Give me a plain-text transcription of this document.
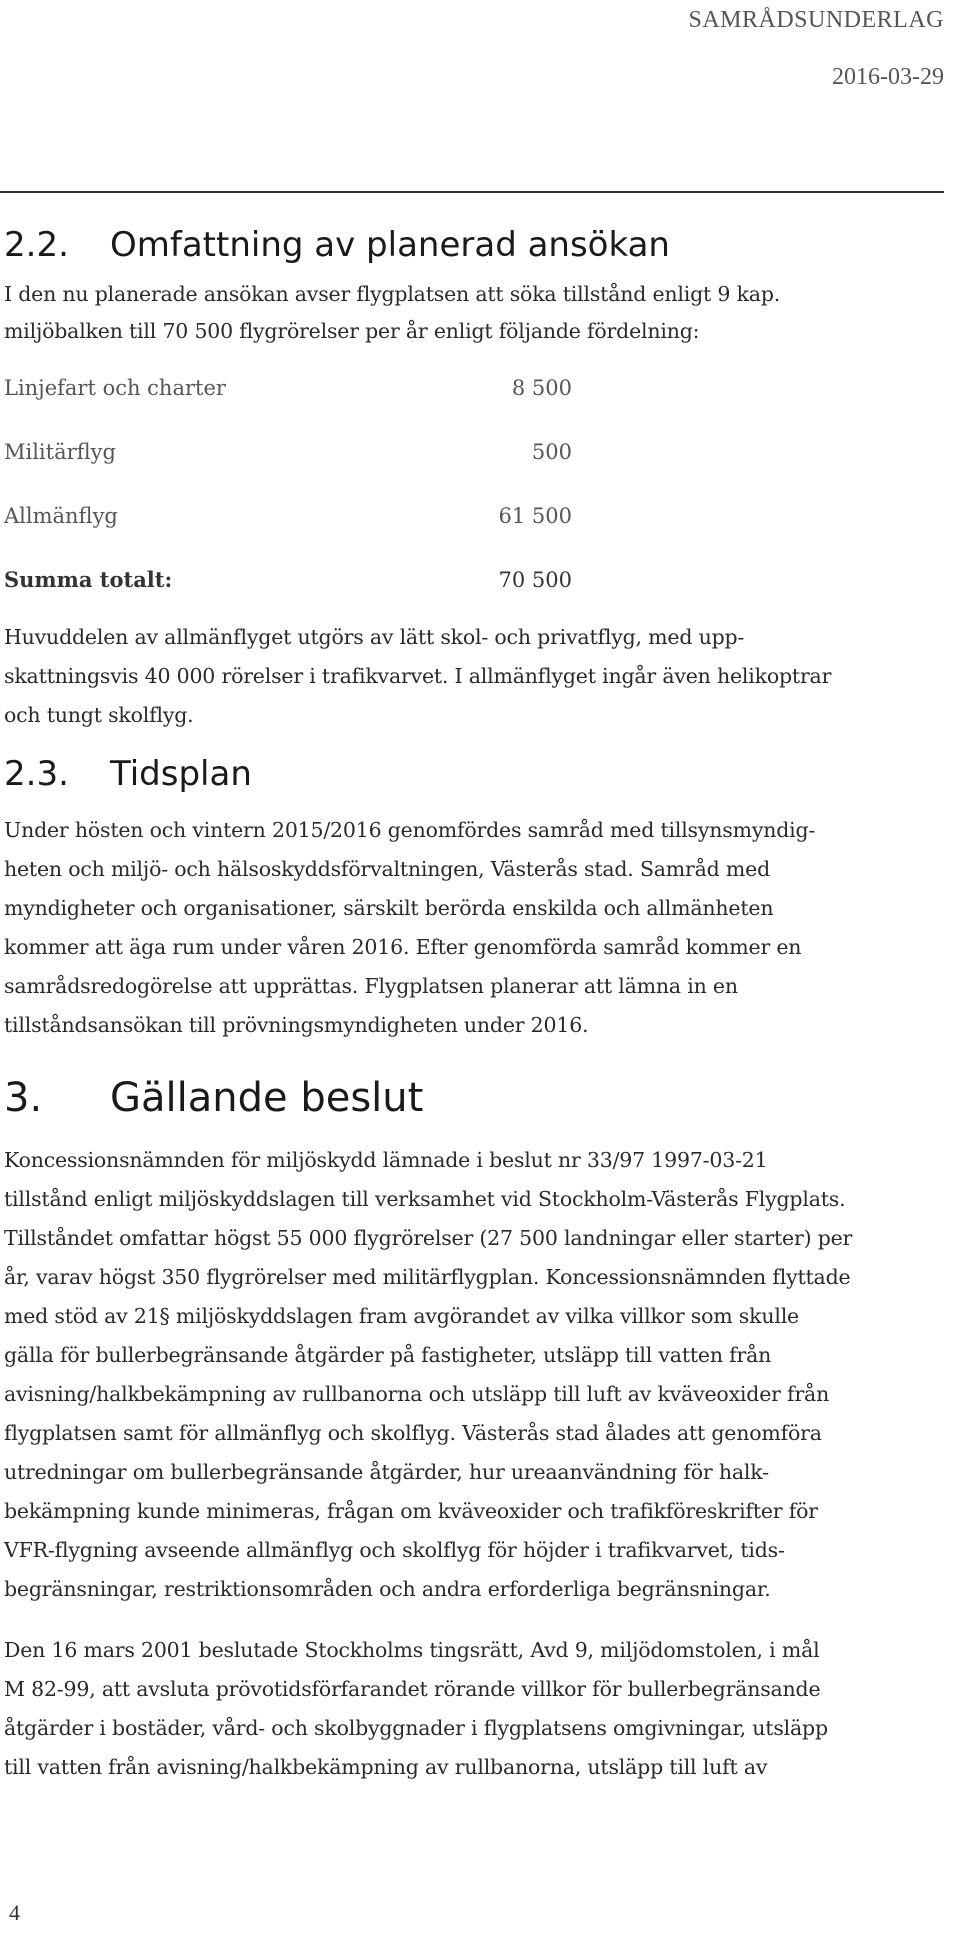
SAMRÅDSUNDERLAG
2016-03-29
2.2. Omfattning av planerad ansökan

I den nu planerade ansökan avser flygplatsen att söka tillstånd enligt 9 kap.
miljöbalken till 70 500 flygrörelser per år enligt följande fördelning:

Linjefart och charter	8 500
Militärflyg	500
Allmänflyg	61 500
Summa totalt:	70 500

Huvuddelen av allmänflyget utgörs av lätt skol- och privatflyg, med upp-
skattningsvis 40 000 rörelser i trafikvarvet. I allmänflyget ingår även helikoptrar
och tungt skolflyg.

2.3. Tidsplan

Under hösten och vintern 2015/2016 genomfördes samråd med tillsynsmyndig-
heten och miljö- och hälsoskyddsförvaltningen, Västerås stad. Samråd med
myndigheter och organisationer, särskilt berörda enskilda och allmänheten
kommer att äga rum under våren 2016. Efter genomförda samråd kommer en
samrådsredogörelse att upprättas. Flygplatsen planerar att lämna in en
tillståndsansökan till prövningsmyndigheten under 2016.

3. Gällande beslut

Koncessionsnämnden för miljöskydd lämnade i beslut nr 33/97 1997-03-21
tillstånd enligt miljöskyddslagen till verksamhet vid Stockholm-Västerås Flygplats.
Tillståndet omfattar högst 55 000 flygrörelser (27 500 landningar eller starter) per
år, varav högst 350 flygrörelser med militärflygplan. Koncessionsnämnden flyttade
med stöd av 21§ miljöskyddslagen fram avgörandet av vilka villkor som skulle
gälla för bullerbegränsande åtgärder på fastigheter, utsläpp till vatten från
avisning/halkbekämpning av rullbanorna och utsläpp till luft av kväveoxider från
flygplatsen samt för allmänflyg och skolflyg. Västerås stad ålades att genomföra
utredningar om bullerbegränsande åtgärder, hur ureaanvändning för halk-
bekämpning kunde minimeras, frågan om kväveoxider och trafikföreskrifter för
VFR-flygning avseende allmänflyg och skolflyg för höjder i trafikvarvet, tids-
begränsningar, restriktionsområden och andra erforderliga begränsningar.

Den 16 mars 2001 beslutade Stockholms tingsrätt, Avd 9, miljödomstolen, i mål
M 82-99, att avsluta prövotidsförfarandet rörande villkor för bullerbegränsande
åtgärder i bostäder, vård- och skolbyggnader i flygplatsens omgivningar, utsläpp
till vatten från avisning/halkbekämpning av rullbanorna, utsläpp till luft av

4
